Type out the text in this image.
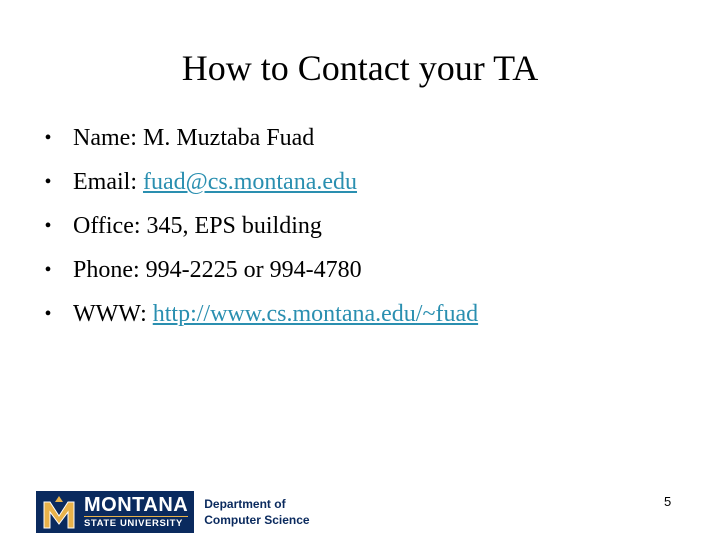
How to Contact your TA
• Name: M. Muztaba Fuad
• Email: fuad@cs.montana.edu
• Office: 345, EPS building
• Phone: 994-2225 or 994-4780
• WWW: http://www.cs.montana.edu/~fuad
MONTANA
STATE UNIVERSITY
Department of
Computer Science
5
